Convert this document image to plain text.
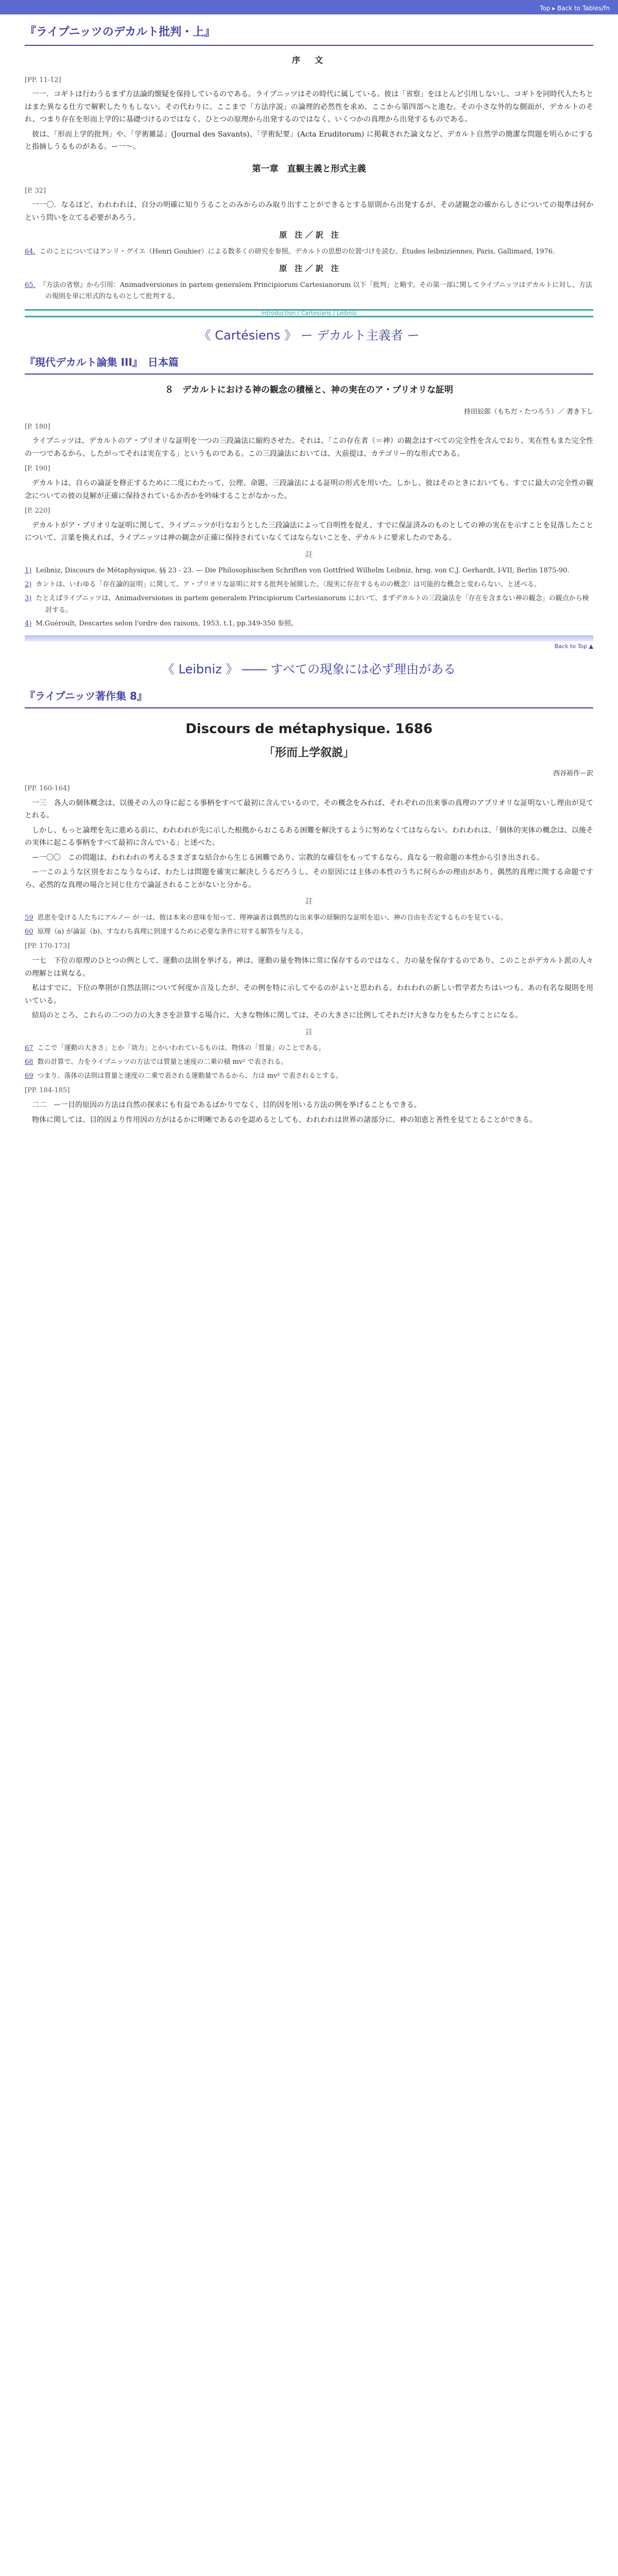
Top ▸ Back to Tables/fn
『ライプニッツのデカルト批判・上』
序　文
[PP. 11-12]

一一．コギトは行わうるまず方法論的懐疑を保持しているのである。ライプニッツはその時代に属している。彼は「省察」をほとんど引用しないし、コギトを同時代人たちとはまた異なる仕方で解釈したりもしない。その代わりに、ここまで「方法序説」の論理的必然性を求め、ここから第四部へと進む。その小さな外的な側面が、デカルトのそれ、つまり存在を形而上学的に基礎づけるのではなく、ひとつの原理から出発するのではなく、いくつかの真理から出発するものである。

彼は、「形而上学的批判」や、「学術雑誌」(Journal des Savants)、「学術紀要」(Acta Eruditorum) に掲載された論文など、デカルト自然学の簡潔な問題を明らかにすると指摘しうるものがある。ー一〜。

第一章　直観主義と形式主義
[P. 32]

一一〇．なるほど、われわれは、自分の明確に知りうることのみからのみ取り出すことができるとする原則から出発するが、その諸観念の確からしさについての規準は何かという問いを立てる必要があろう。

原　注 ／ 訳　注
64. このことについてはアンリ・グイエ（Henri Gouhier）による数多くの研究を参照。デカルトの思想の位置づけを読む。Études leibniziennes, Paris, Gallimard, 1976.
原　注 ／ 訳　注
65. 『方法の省察』から引用：Animadversiones in partem generalem Principiorum Cartesianorum 以下「批判」と略す。その第一部に関してライプニッツはデカルトに対し、方法の規則を単に形式的なものとして批判する。
Introduction / Cartesians / Leibniz
《 Cartésiens 》 ー デカルト主義者 ー
『現代デカルト論集 III』　日本篇
８　デカルトにおける神の観念の積極と、神の実在のア・プリオリな証明
持田辰郎（もちだ・たつろう）／ 書き下し
[P. 180]

ライプニッツは、デカルトのア・プリオリな証明を一つの三段論法に縮約させた。それは、「この存在者（＝神）の観念はすべての完全性を含んでおり、実在性もまた完全性の一つであるから、したがってそれは実在する」というものである。この三段論法においては、大前提は、カテゴリー的な形式である。

[P. 190]

デカルトは、自らの論証を修正するために二度にわたって、公理、命題、三段論法による証明の形式を用いた。しかし、彼はそのときにおいても、すでに最大の完全性の観念についての彼の見解が正確に保持されているか否かを吟味することがなかった。

[P. 220]

デカルトがア・プリオリな証明に関して、ライプニッツが行なおうとした三段論法によって自明性を捉え、すでに保証済みのものとしての神の実在を示すことを見落したことについて、言葉を換えれば、ライプニッツは神の観念が正確に保持されていなくてはならないことを、デカルトに要求したのである。

註
1) Leibniz, Discours de Métaphysique, §§ 23 - 23. — Die Philosophischen Schriften von Gottfried Wilhelm Leibniz, hrsg. von C.J. Gerhardt, I-VII, Berlin 1875-90.
2) カントは、いわゆる「存在論的証明」に関して、ア・プリオリな証明に対する批判を展開した。〈現実に存在するものの概念〉は可能的な概念と変わらない、と述べる。
3) たとえばライプニッツは、Animadversiones in partem generalem Principiorum Cartesianorum において、まずデカルトの三段論法を「存在を含まない神の観念」の観点から検討する。
4) M.Guéroult, Descartes selon l'ordre des raisons, 1953, t.1, pp.349-350 参照。
Back to Top ▲
《 Leibniz 》 ―― すべての現象には必ず理由がある
『ライプニッツ著作集 8』
Discours de métaphysique. 1686
「形而上学叙説」
西谷裕作ー訳
[PP. 160-164]

一三　各人の個体概念は、以後その人の身に起こる事柄をすべて最初に含んでいるので、その概念をみれば、それぞれの出来事の真理のアプリオリな証明ないし理由が見てとれる。

しかし、もっと論理を先に進める前に、われわれが先に示した根拠からおこるある困難を解決するように努めなくてはならない。われわれは、「個体的実体の概念は、以後その実体に起こる事柄をすべて最初に含んでいる」と述べた。

ー一〇〇　この問題は、われわれの考えるさまざまな結合から生じる困難であり、宗教的な確信をもってするなら、真なる一般命題の本性から引き出される。

ー一このような区別をおこなうならば、わたしは問題を確実に解決しうるだろうし、その原因には主体の本性のうちに何らかの理由があり、偶然的真理に関する命題ですら、必然的な真理の場合と同じ仕方で論証されることがないと分かる。

註
59 恩恵を受ける人たちにアルノー が一は、彼は本来の意味を知って、理神論者は偶然的な出来事の経験的な証明を追い、神の自由を否定するものを見ている。
60 原理（a) が論証（b)、すなわち真理に到達するために必要な条件に対する解答を与える。
[PP. 170-173]

一七　下位の原理のひとつの例として、運動の法則を挙げる。神は、運動の量を物体に常に保存するのではなく、力の量を保存するのであり、このことがデカルト派の人々の理解とは異なる。

私はすでに、下位の準則が自然法則について何度か言及したが、その例を特に示してやるのがよいと思われる。われわれの新しい哲学者たちはいつも、あの有名な規則を用いている。

結局のところ、これらの二つの力の大きさを計算する場合に、大きな物体に関しては、その大きさに比例してそれだけ大きな力をもたらすことになる。

註
67 ここで「運動の大きさ」とか「効力」とかいわれているものは、物体の「質量」のことである。
68 数の計算で、力をライプニッツの方法では質量と速度の二乗の積 mv² で表される。
69 つまり、落体の法則は質量と速度の二乗で表される運動量であるから、力は mv² で表されるとする。
[PP. 184-185]

二二　ー一目的原因の方法は自然の探求にも有益であるばかりでなく、目的因を用いる方法の例を挙げることもできる。

物体に関しては、目的因より作用因の方がはるかに明晰であるのを認めるとしても、われわれは世界の諸部分に、神の知恵と善性を見てとることができる。
